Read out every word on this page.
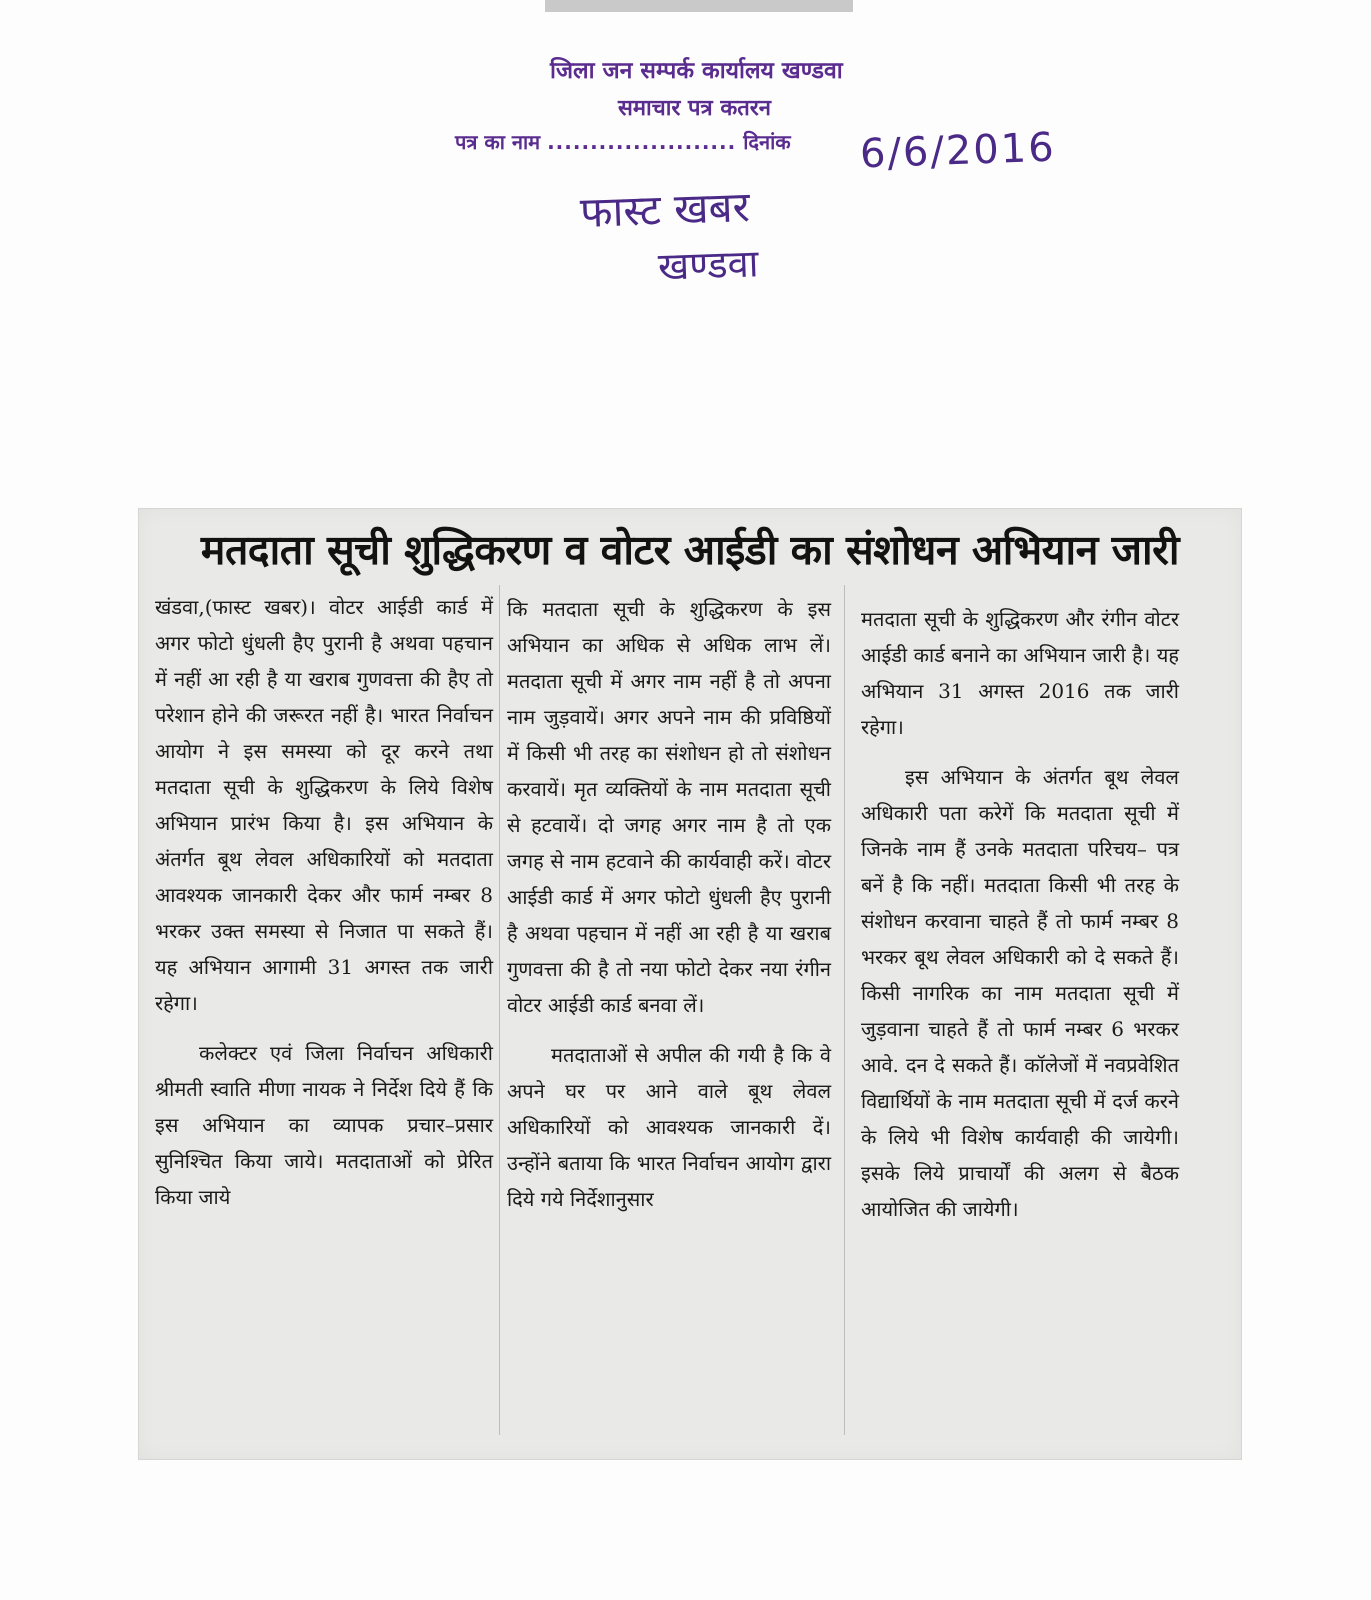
जिला जन सम्पर्क कार्यालय खण्डवा
समाचार पत्र कतरन
पत्र का नाम ...................... दिनांक 6/6/2016
फास्ट खबर
खण्डवा
मतदाता सूची शुद्धिकरण व वोटर आईडी का संशोधन अभियान जारी

खंडवा,(फास्ट खबर)। वोटर आईडी कार्ड में अगर फोटो धुंधली हैए पुरानी है अथवा पहचान में नहीं आ रही है या खराब गुणवत्ता की हैए तो परेशान होने की जरूरत नहीं है। भारत निर्वाचन आयोग ने इस समस्या को दूर करने तथा मतदाता सूची के शुद्धिकरण के लिये विशेष अभियान प्रारंभ किया है। इस अभियान के अंतर्गत बूथ लेवल अधिकारियों को मतदाता आवश्यक जानकारी देकर और फार्म नम्बर 8 भरकर उक्त समस्या से निजात पा सकते हैं। यह अभियान आगामी 31 अगस्त तक जारी रहेगा।

कलेक्टर एवं जिला निर्वाचन अधिकारी श्रीमती स्वाति मीणा नायक ने निर्देश दिये हैं कि इस अभियान का व्यापक प्रचार–प्रसार सुनिश्चित किया जाये। मतदाताओं को प्रेरित किया जाये

कि मतदाता सूची के शुद्धिकरण के इस अभियान का अधिक से अधिक लाभ लें। मतदाता सूची में अगर नाम नहीं है तो अपना नाम जुड़वायें। अगर अपने नाम की प्रविष्ठियों में किसी भी तरह का संशोधन हो तो संशोधन करवायें। मृत व्यक्तियों के नाम मतदाता सूची से हटवायें। दो जगह अगर नाम है तो एक जगह से नाम हटवाने की कार्यवाही करें। वोटर आईडी कार्ड में अगर फोटो धुंधली हैए पुरानी है अथवा पहचान में नहीं आ रही है या खराब गुणवत्ता की है तो नया फोटो देकर नया रंगीन वोटर आईडी कार्ड बनवा लें।

मतदाताओं से अपील की गयी है कि वे अपने घर पर आने वाले बूथ लेवल अधिकारियों को आवश्यक जानकारी दें। उन्होंने बताया कि भारत निर्वाचन आयोग द्वारा दिये गये निर्देशानुसार

मतदाता सूची के शुद्धिकरण और रंगीन वोटर आईडी कार्ड बनाने का अभियान जारी है। यह अभियान 31 अगस्त 2016 तक जारी रहेगा।

इस अभियान के अंतर्गत बूथ लेवल अधिकारी पता करेगें कि मतदाता सूची में जिनके नाम हैं उनके मतदाता परिचय– पत्र बनें है कि नहीं। मतदाता किसी भी तरह के संशोधन करवाना चाहते हैं तो फार्म नम्बर 8 भरकर बूथ लेवल अधिकारी को दे सकते हैं। किसी नागरिक का नाम मतदाता सूची में जुड़वाना चाहते हैं तो फार्म नम्बर 6 भरकर आवे. दन दे सकते हैं। कॉलेजों में नवप्रवेशित विद्यार्थियों के नाम मतदाता सूची में दर्ज करने के लिये भी विशेष कार्यवाही की जायेगी। इसके लिये प्राचार्यों की अलग से बैठक आयोजित की जायेगी।
